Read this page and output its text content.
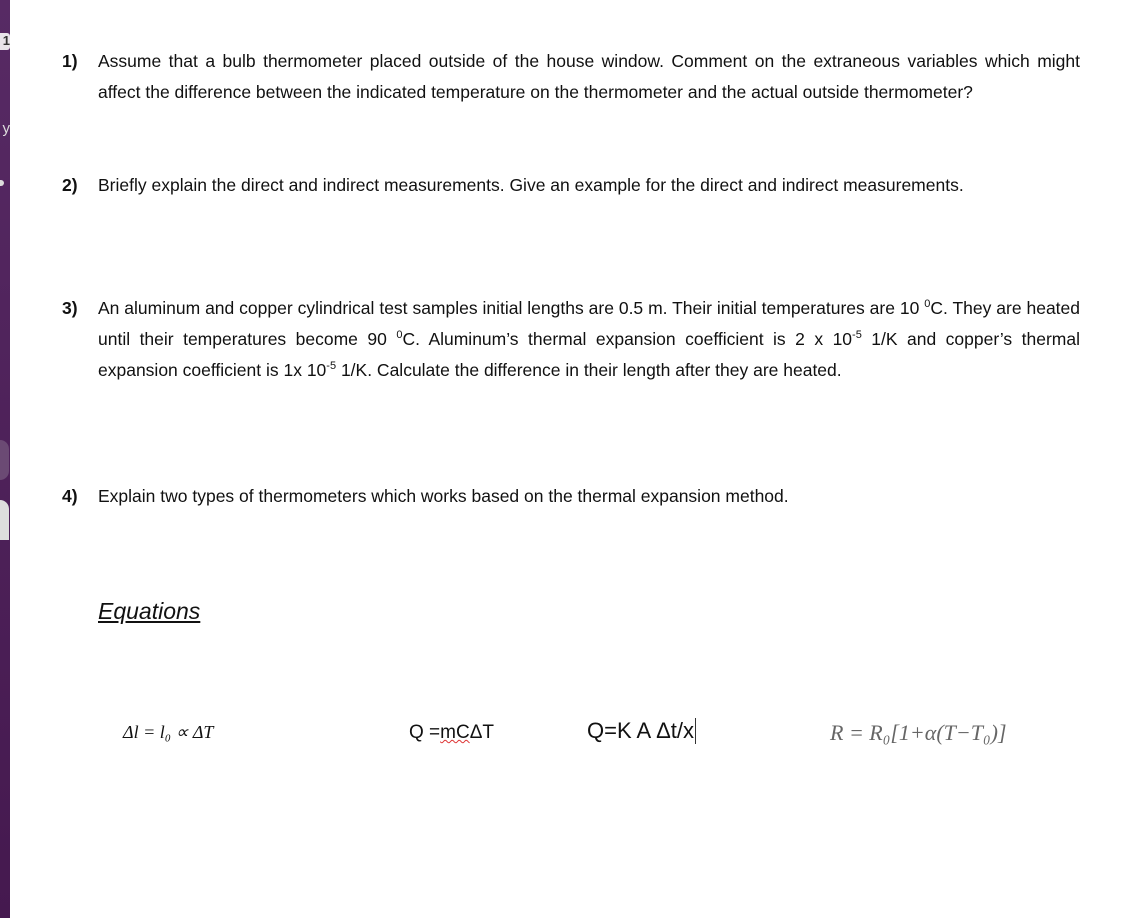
1
y
1) Assume that a bulb thermometer placed outside of the house window. Comment on the extraneous variables which might affect the difference between the indicated temperature on the thermometer and the actual outside thermometer?
2) Briefly explain the direct and indirect measurements. Give an example for the direct and indirect measurements.
3) An aluminum and copper cylindrical test samples initial lengths are 0.5 m. Their initial temperatures are 10 $^0$C. They are heated until their temperatures become 90 $^0$C. Aluminum’s thermal expansion coefficient is 2 x $10^{-5}$ 1/K and copper’s thermal expansion coefficient is 1x $10^{-5}$ 1/K. Calculate the difference in their length after they are heated.
4) Explain two types of thermometers which works based on the thermal expansion method.
Equations
Δl = l₀ ∝ ΔT	Q =mCΔT	Q=K A Δt/x	R = R₀[1+α(T−T₀)]
